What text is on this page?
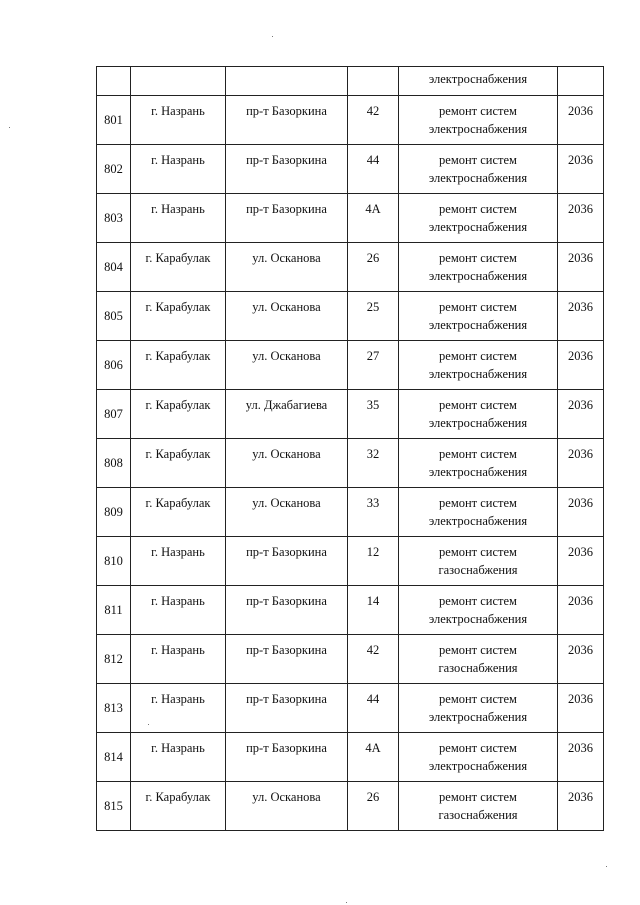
				электроснабжения	

801	г. Назрань	пр-т Базоркина	42	ремонт систем
электроснабжения	2036
802	г. Назрань	пр-т Базоркина	44	ремонт систем
электроснабжения	2036
803	г. Назрань	пр-т Базоркина	4А	ремонт систем
электроснабжения	2036
804	г. Карабулак	ул. Осканова	26	ремонт систем
электроснабжения	2036
805	г. Карабулак	ул. Осканова	25	ремонт систем
электроснабжения	2036
806	г. Карабулак	ул. Осканова	27	ремонт систем
электроснабжения	2036
807	г. Карабулак	ул. Джабагиева	35	ремонт систем
электроснабжения	2036
808	г. Карабулак	ул. Осканова	32	ремонт систем
электроснабжения	2036
809	г. Карабулак	ул. Осканова	33	ремонт систем
электроснабжения	2036
810	г. Назрань	пр-т Базоркина	12	ремонт систем
газоснабжения	2036
811	г. Назрань	пр-т Базоркина	14	ремонт систем
электроснабжения	2036
812	г. Назрань	пр-т Базоркина	42	ремонт систем
газоснабжения	2036
813	г. Назрань	пр-т Базоркина	44	ремонт систем
электроснабжения	2036
814	г. Назрань	пр-т Базоркина	4А	ремонт систем
электроснабжения	2036
815	г. Карабулак	ул. Осканова	26	ремонт систем
газоснабжения	2036
